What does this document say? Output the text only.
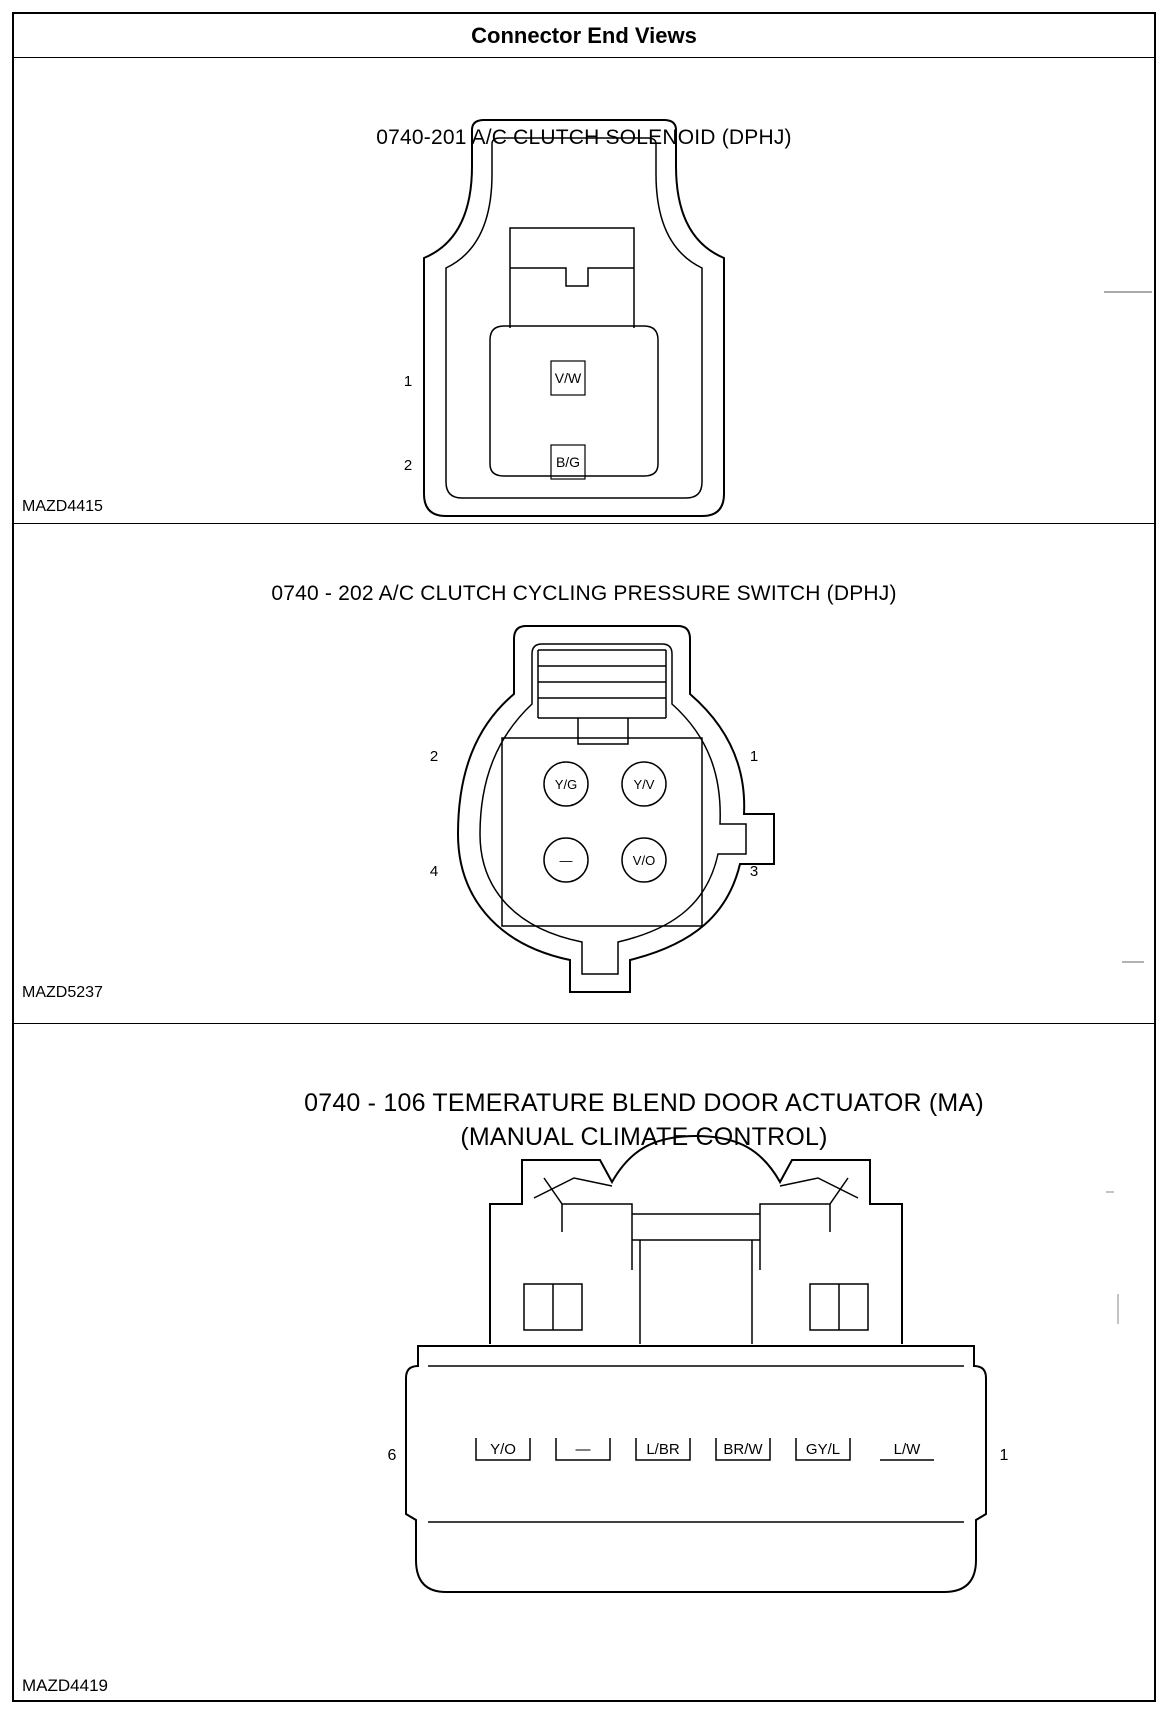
Connector End Views
0740-201 A/C CLUTCH SOLENOID (DPHJ)
V/W
B/G
1
2
MAZD4415
0740 - 202 A/C CLUTCH CYCLING PRESSURE SWITCH (DPHJ)
Y/G	Y/V
—	V/O
2	1
4	3
MAZD5237
0740 - 106 TEMERATURE BLEND DOOR ACTUATOR (MA)
(MANUAL CLIMATE CONTROL)
Y/O	—	L/BR	BR/W	GY/L	L/W
6	1
MAZD4419
